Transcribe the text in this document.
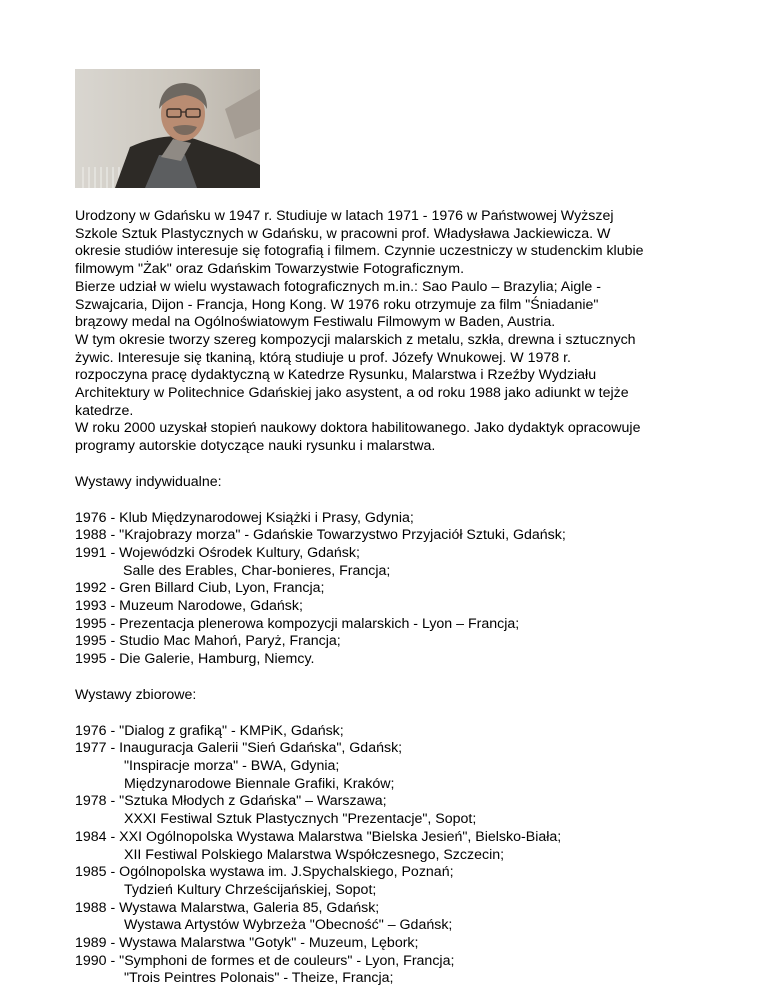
Urodzony w Gdańsku w 1947 r. Studiuje w latach 1971 - 1976 w Państwowej Wyższej
Szkole Sztuk Plastycznych w Gdańsku, w pracowni prof. Władysława Jackiewicza. W
okresie studiów interesuje się fotografią i filmem. Czynnie uczestniczy w studenckim klubie
filmowym "Żak" oraz Gdańskim Towarzystwie Fotograficznym.
Bierze udział w wielu wystawach fotograficznych m.in.: Sao Paulo – Brazylia; Aigle -
Szwajcaria, Dijon - Francja, Hong Kong. W 1976 roku otrzymuje za film "Śniadanie"
brązowy medal na Ogólnoświatowym Festiwalu Filmowym w Baden, Austria.
W tym okresie tworzy szereg kompozycji malarskich z metalu, szkła, drewna i sztucznych
żywic. Interesuje się tkaniną, którą studiuje u prof. Józefy Wnukowej. W 1978 r.
rozpoczyna pracę dydaktyczną w Katedrze Rysunku, Malarstwa i Rzeźby Wydziału
Architektury w Politechnice Gdańskiej jako asystent, a od roku 1988 jako adiunkt w tejże
katedrze.
W roku 2000 uzyskał stopień naukowy doktora habilitowanego. Jako dydaktyk opracowuje
programy autorskie dotyczące nauki rysunku i malarstwa.
Wystawy indywidualne:
1976 - Klub Międzynarodowej Książki i Prasy, Gdynia;
1988 - "Krajobrazy morza" - Gdańskie Towarzystwo Przyjaciół Sztuki, Gdańsk;
1991 - Wojewódzki Ośrodek Kultury, Gdańsk;
Salle des Erables, Char-bonieres, Francja;
1992 - Gren Billard Ciub, Lyon, Francja;
1993 - Muzeum Narodowe, Gdańsk;
1995 - Prezentacja plenerowa kompozycji malarskich - Lyon – Francja;
1995 - Studio Mac Mahoń, Paryż, Francja;
1995 - Die Galerie, Hamburg, Niemcy.
Wystawy zbiorowe:
1976 - "Dialog z grafiką" - KMPiK, Gdańsk;
1977 - Inauguracja Galerii "Sień Gdańska", Gdańsk;
"Inspiracje morza" - BWA, Gdynia;
Międzynarodowe Biennale Grafiki, Kraków;
1978 - "Sztuka Młodych z Gdańska" – Warszawa;
XXXI Festiwal Sztuk Plastycznych "Prezentacje", Sopot;
1984 - XXI Ogólnopolska Wystawa Malarstwa "Bielska Jesień", Bielsko-Biała;
XII Festiwal Polskiego Malarstwa Współczesnego, Szczecin;
1985 - Ogólnopolska wystawa im. J.Spychalskiego, Poznań;
Tydzień Kultury Chrześcijańskiej, Sopot;
1988 - Wystawa Malarstwa, Galeria 85, Gdańsk;
Wystawa Artystów Wybrzeża "Obecność" – Gdańsk;
1989 - Wystawa Malarstwa "Gotyk" - Muzeum, Lębork;
1990 - "Symphoni de formes et de couleurs" - Lyon, Francja;
"Trois Peintres Polonais" - Theize, Francja;
